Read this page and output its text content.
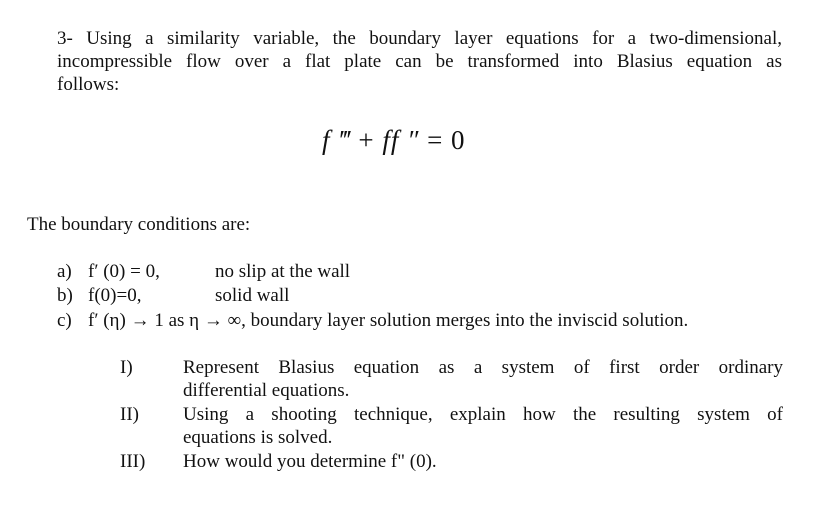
3- Using a similarity variable, the boundary layer equations for a two-dimensional,
incompressible flow over a flat plate can be transformed into Blasius equation as
follows:
f ‴ + ff ″ = 0
The boundary conditions are:
a) f′ (0) = 0,	no slip at the wall
b) f(0)=0,	solid wall
c) f′ (η) → 1 as η → ∞, boundary layer solution merges into the inviscid solution.
I)	Represent Blasius equation as a system of first order ordinary
differential equations.
II) Using a shooting technique, explain how the resulting system of
equations is solved.
III) How would you determine f" (0).
